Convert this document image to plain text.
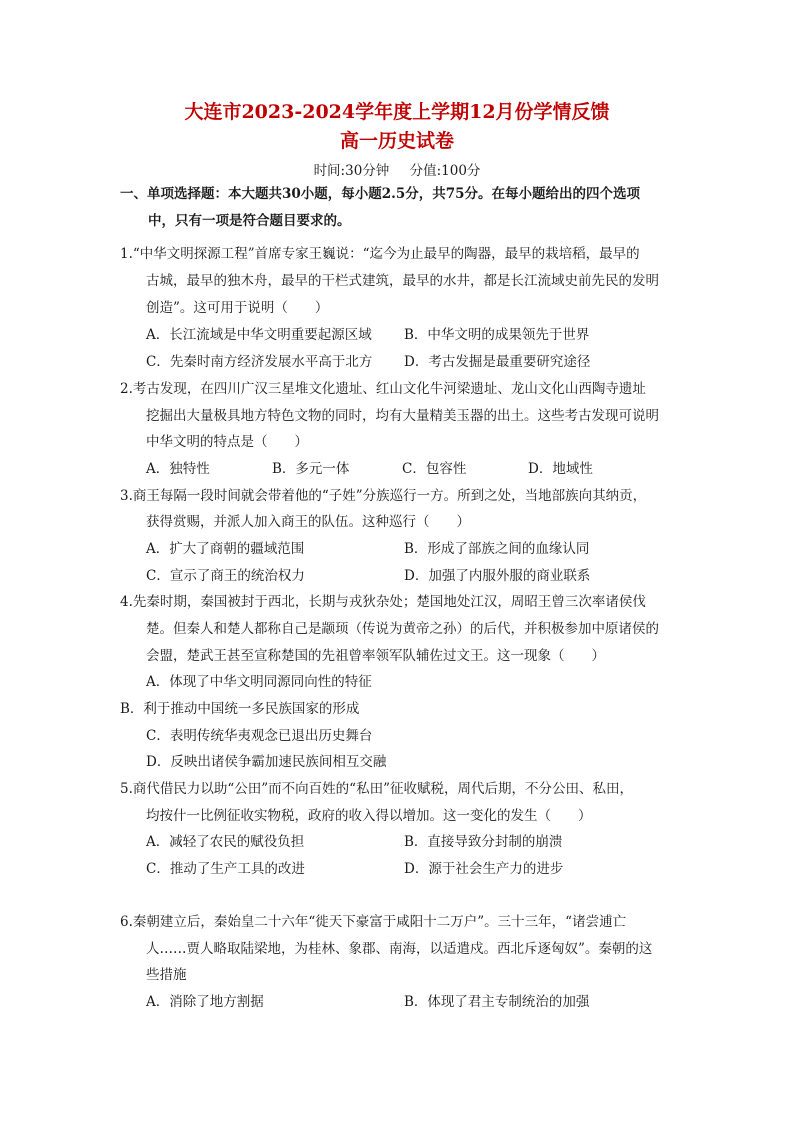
大连市2023-2024学年度上学期12月份学情反馈
高一历史试卷
时间:30分钟 分值:100分
一、单项选择题：本大题共30小题，每小题2.5分，共75分。在每小题给出的四个选项
中，只有一项是符合题目要求的。
1.“中华文明探源工程”首席专家王巍说：“迄今为止最早的陶器，最早的栽培稻，最早的
古城，最早的独木舟，最早的干栏式建筑，最早的水井，都是长江流域史前先民的发明
创造”。这可用于说明（　　）
A．长江流域是中华文明重要起源区域 B．中华文明的成果领先于世界
C．先秦时南方经济发展水平高于北方 D．考古发掘是最重要研究途径
2.考古发现，在四川广汉三星堆文化遗址、红山文化牛河梁遗址、龙山文化山西陶寺遗址
挖掘出大量极具地方特色文物的同时，均有大量精美玉器的出土。这些考古发现可说明
中华文明的特点是（　　）
A．独特性	B．多元一体	C．包容性	D．地域性
3.商王每隔一段时间就会带着他的“子姓”分族巡行一方。所到之处，当地部族向其纳贡，
获得赏赐，并派人加入商王的队伍。这种巡行（　　）
A．扩大了商朝的疆域范围	B．形成了部族之间的血缘认同
C．宣示了商王的统治权力	D．加强了内服外服的商业联系
4.先秦时期，秦国被封于西北，长期与戎狄杂处；楚国地处江汉，周昭王曾三次率诸侯伐
楚。但秦人和楚人都称自己是颛顼（传说为黄帝之孙）的后代，并积极参加中原诸侯的
会盟，楚武王甚至宣称楚国的先祖曾率领军队辅佐过文王。这一现象（　　）
A．体现了中华文明同源同向性的特征
B．利于推动中国统一多民族国家的形成
C．表明传统华夷观念已退出历史舞台
D．反映出诸侯争霸加速民族间相互交融
5.商代借民力以助“公田”而不向百姓的“私田”征收赋税，周代后期，不分公田、私田，
均按什一比例征收实物税，政府的收入得以增加。这一变化的发生（　　）
A．减轻了农民的赋役负担	B．直接导致分封制的崩溃
C．推动了生产工具的改进	D．源于社会生产力的进步
6.秦朝建立后，秦始皇二十六年“徙天下豪富于咸阳十二万户”。三十三年，“诸尝逋亡
人……贾人略取陆梁地，为桂林、象郡、南海，以适遣戍。西北斥逐匈奴”。秦朝的这
些措施
A．消除了地方割据	B．体现了君主专制统治的加强
